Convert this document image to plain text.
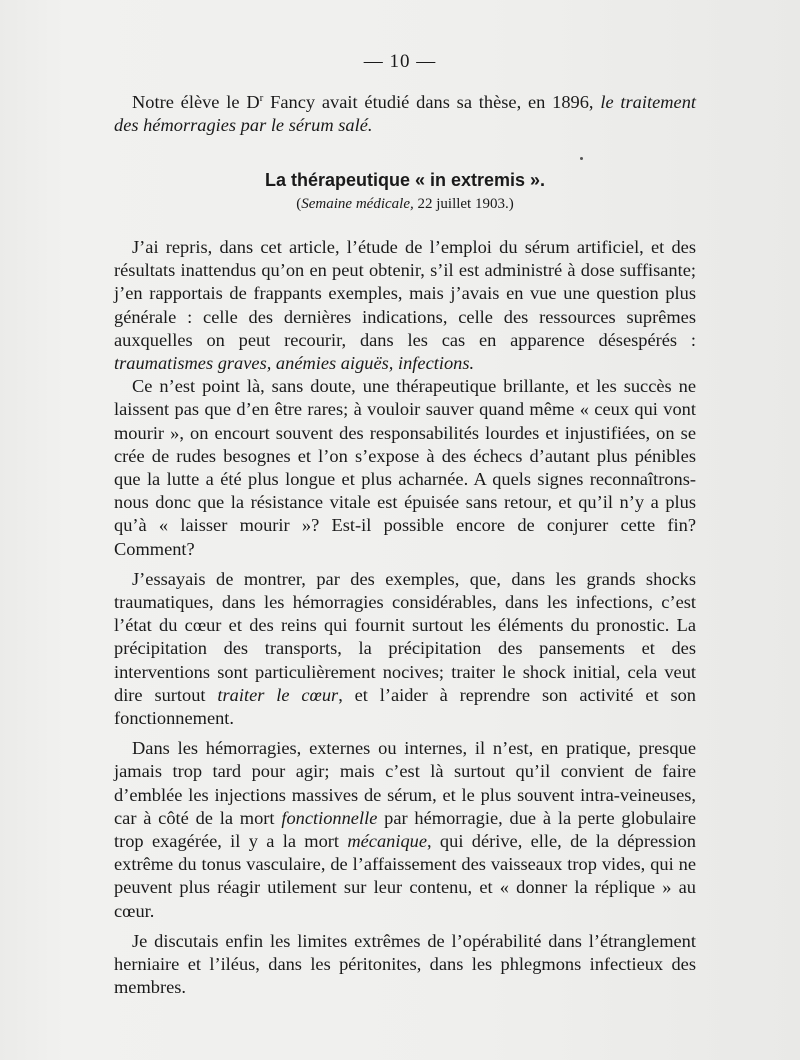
— 10 —

Notre élève le $D^r$ Fancy avait étudié dans sa thèse, en 1896, le traitement des hémorragies par le sérum salé.

La thérapeutique « in extremis ».
(Semaine médicale, 22 juillet 1903.)

J’ai repris, dans cet article, l’étude de l’emploi du sérum artificiel, et des résultats inattendus qu’on en peut obtenir, s’il est administré à dose suffisante; j’en rapportais de frappants exemples, mais j’avais en vue une question plus générale : celle des dernières indications, celle des ressources suprêmes auxquelles on peut recourir, dans les cas en apparence désespérés : traumatismes graves, anémies aiguës, infections.

Ce n’est point là, sans doute, une thérapeutique brillante, et les succès ne laissent pas que d’en être rares; à vouloir sauver quand même « ceux qui vont mourir », on encourt souvent des responsabilités lourdes et injustifiées, on se crée de rudes besognes et l’on s’expose à des échecs d’autant plus pénibles que la lutte a été plus longue et plus acharnée. A quels signes reconnaîtrons-nous donc que la résistance vitale est épuisée sans retour, et qu’il n’y a plus qu’à « laisser mourir »? Est-il possible encore de conjurer cette fin? Comment?

J’essayais de montrer, par des exemples, que, dans les grands shocks traumatiques, dans les hémorragies considérables, dans les infections, c’est l’état du cœur et des reins qui fournit surtout les éléments du pronostic. La précipitation des transports, la précipitation des pansements et des interventions sont particulièrement nocives; traiter le shock initial, cela veut dire surtout traiter le cœur, et l’aider à reprendre son activité et son fonctionnement.

Dans les hémorragies, externes ou internes, il n’est, en pratique, presque jamais trop tard pour agir; mais c’est là surtout qu’il convient de faire d’emblée les injections massives de sérum, et le plus souvent intra-veineuses, car à côté de la mort fonctionnelle par hémorragie, due à la perte globulaire trop exagérée, il y a la mort mécanique, qui dérive, elle, de la dépression extrême du tonus vasculaire, de l’affaissement des vaisseaux trop vides, qui ne peuvent plus réagir utilement sur leur contenu, et « donner la réplique » au cœur.

Je discutais enfin les limites extrêmes de l’opérabilité dans l’étranglement herniaire et l’iléus, dans les péritonites, dans les phlegmons infectieux des membres.
